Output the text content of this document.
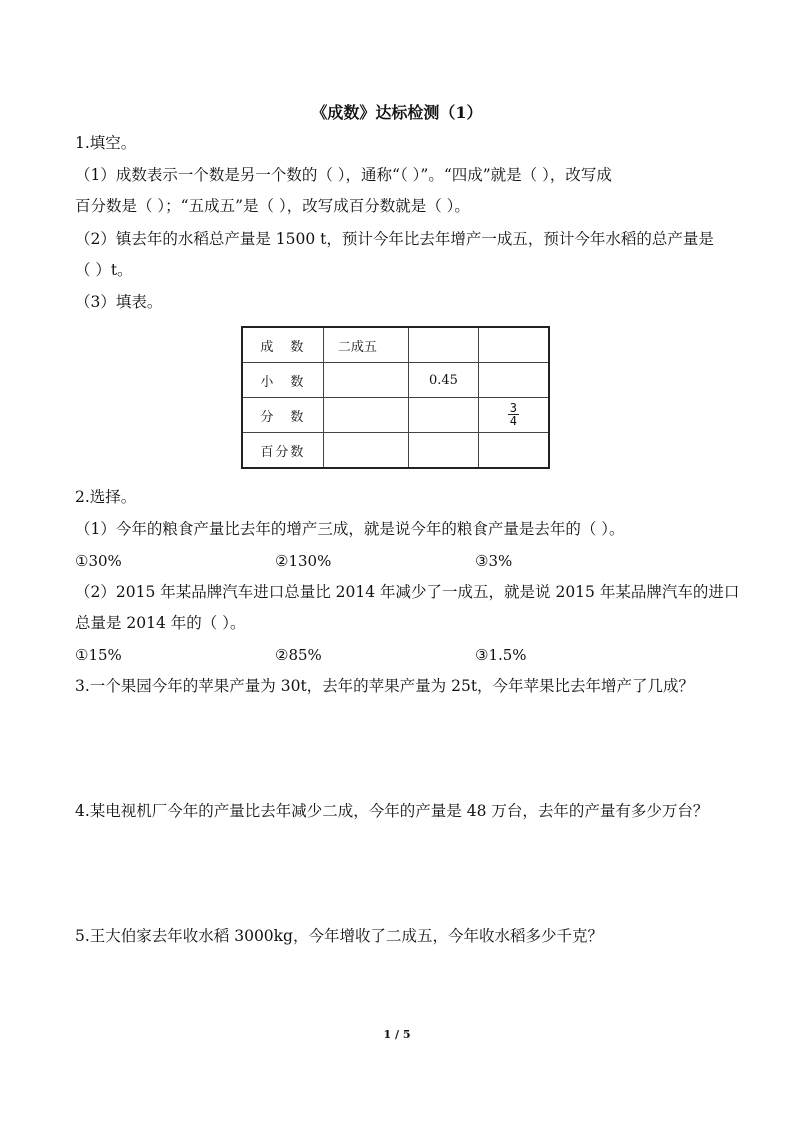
《成数》达标检测（1）
1.填空。
（1）成数表示一个数是另一个数的（ ），通称“（ ）”。“四成”就是（ ），改写成
百分数是（ ）；“五成五”是（ ），改写成百分数就是（ ）。
（2）镇去年的水稻总产量是 1500 t，预计今年比去年增产一成五，预计今年水稻的总产量是
（ ）t。
（3）填表。
成　数	二成五		
小　数		0.45	
分　数			$\frac{3}{4}$

百分数			
2.选择。
（1）今年的粮食产量比去年的增产三成，就是说今年的粮食产量是去年的（ ）。
①30%	②130%	③3%
（2）2015 年某品牌汽车进口总量比 2014 年减少了一成五，就是说 2015 年某品牌汽车的进口
总量是 2014 年的（ ）。
①15%	②85%	③1.5%
3.一个果园今年的苹果产量为 30t，去年的苹果产量为 25t，今年苹果比去年增产了几成？
4.某电视机厂今年的产量比去年减少二成，今年的产量是 48 万台，去年的产量有多少万台？
5.王大伯家去年收水稻 3000kg，今年增收了二成五，今年收水稻多少千克？
1 / 5
